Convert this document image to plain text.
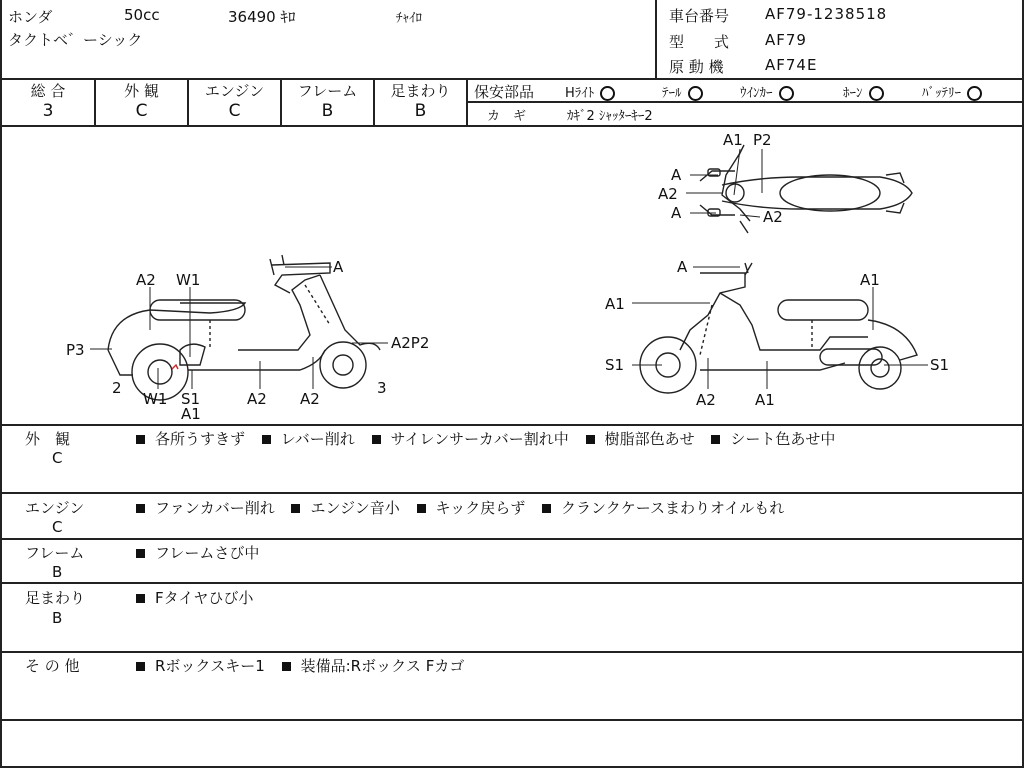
ホンダ	50cc	36490 ｷﾛ	ﾁｬｲﾛ
タクトベ゛ーシック
車台番号 AF79-1238518
型　　式 AF79
原 動 機	AF74E
総 合
3
外 観
C
エンジン
C
フレーム
B
足まわり
B
保安部品 Hﾗｲﾄ	ﾃｰﾙ	ｳｲﾝｶｰ	ﾎｰﾝ	ﾊﾞｯﾃﾘｰ
カ　ギ	ｶｷﾞ2 ｼｬｯﾀｰｷｰ2
A1 P2
A
A2
A	A2
A
A2 W1
P3	A2P2
2	3
W1 S1
A1
A2 A2
A
A1
A1
S1	S1
A2	A1
外　観
C
各所うすきず レバー削れ サイレンサーカバー割れ中 樹脂部色あせ シート色あせ中
エンジン
C
ファンカバー削れ エンジン音小 キック戻らず クランクケースまわりオイルもれ
フレーム
B
フレームさび中
足まわり
B
Fタイヤひび小
そ の 他	Rボックスキー1 装備品:Rボックス Fカゴ
